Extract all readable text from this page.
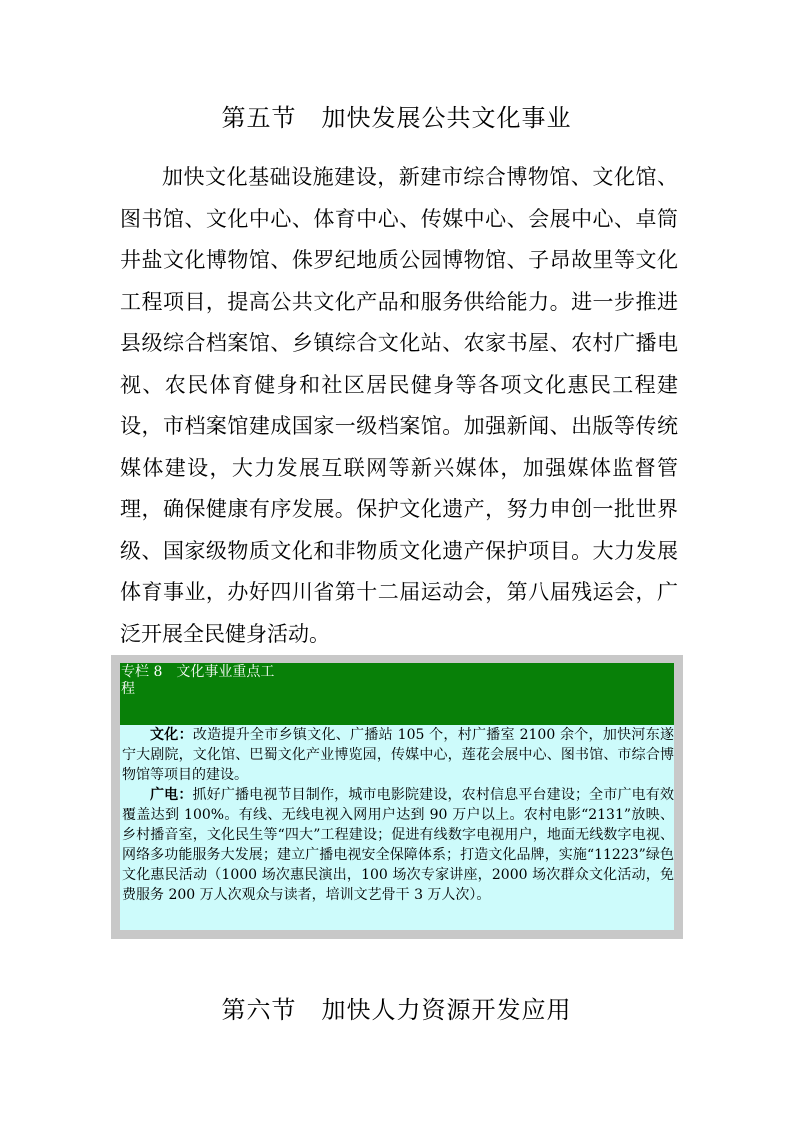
第五节　加快发展公共文化事业

加快文化基础设施建设，新建市综合博物馆、文化馆、图书馆、文化中心、体育中心、传媒中心、会展中心、卓筒井盐文化博物馆、侏罗纪地质公园博物馆、子昂故里等文化工程项目，提高公共文化产品和服务供给能力。进一步推进县级综合档案馆、乡镇综合文化站、农家书屋、农村广播电视、农民体育健身和社区居民健身等各项文化惠民工程建设，市档案馆建成国家一级档案馆。加强新闻、出版等传统媒体建设，大力发展互联网等新兴媒体，加强媒体监督管理，确保健康有序发展。保护文化遗产，努力申创一批世界级、国家级物质文化和非物质文化遗产保护项目。大力发展体育事业，办好四川省第十二届运动会，第八届残运会，广泛开展全民健身活动。

专栏 8　文化事业重点工
程

文化：改造提升全市乡镇文化、广播站 105 个，村广播室 2100 余个，加快河东遂宁大剧院，文化馆、巴蜀文化产业博览园，传媒中心，莲花会展中心、图书馆、市综合博物馆等项目的建设。

广电：抓好广播电视节目制作，城市电影院建设，农村信息平台建设；全市广电有效覆盖达到 100%。有线、无线电视入网用户达到 90 万户以上。农村电影“2131”放映、乡村播音室，文化民生等“四大”工程建设；促进有线数字电视用户，地面无线数字电视、网络多功能服务大发展；建立广播电视安全保障体系；打造文化品牌，实施“11223”绿色文化惠民活动（1000 场次惠民演出，100 场次专家讲座，2000 场次群众文化活动，免费服务 200 万人次观众与读者，培训文艺骨干 3 万人次）。

第六节　加快人力资源开发应用
